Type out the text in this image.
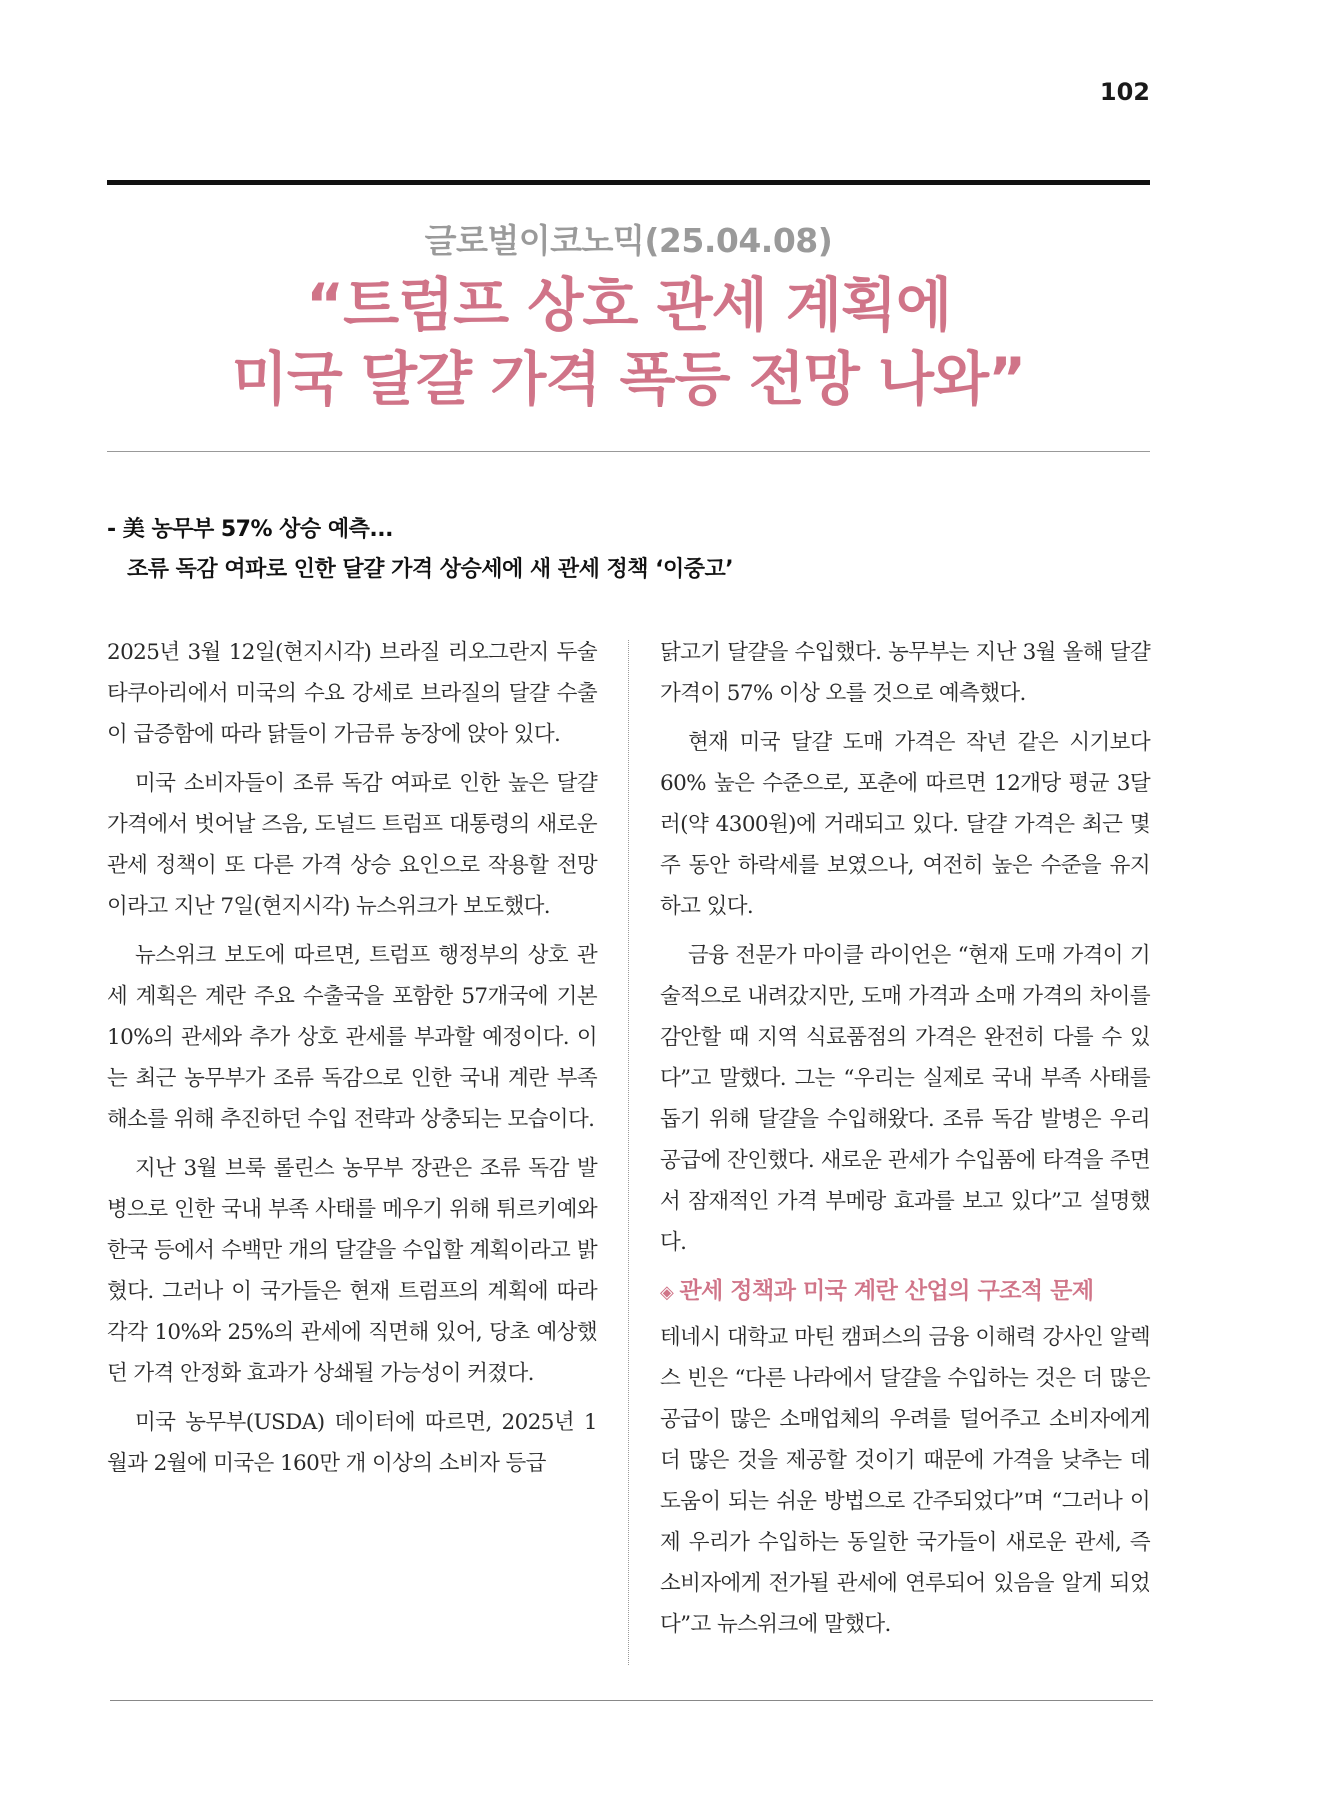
102
글로벌이코노믹(25.04.08)
“트럼프 상호 관세 계획에
미국 달걀 가격 폭등 전망 나와”
- 美 농무부 57% 상승 예측...
조류 독감 여파로 인한 달걀 가격 상승세에 새 관세 정책 ‘이중고’

2025년 3월 12일(현지시각) 브라질 리오그란지 두술 타쿠아리에서 미국의 수요 강세로 브라질의 달걀 수출이 급증함에 따라 닭들이 가금류 농장에 앉아 있다.

미국 소비자들이 조류 독감 여파로 인한 높은 달걀 가격에서 벗어날 즈음, 도널드 트럼프 대통령의 새로운 관세 정책이 또 다른 가격 상승 요인으로 작용할 전망이라고 지난 7일(현지시각) 뉴스위크가 보도했다.

뉴스위크 보도에 따르면, 트럼프 행정부의 상호 관세 계획은 계란 주요 수출국을 포함한 57개국에 기본 10%의 관세와 추가 상호 관세를 부과할 예정이다. 이는 최근 농무부가 조류 독감으로 인한 국내 계란 부족 해소를 위해 추진하던 수입 전략과 상충되는 모습이다.

지난 3월 브룩 롤린스 농무부 장관은 조류 독감 발병으로 인한 국내 부족 사태를 메우기 위해 튀르키예와 한국 등에서 수백만 개의 달걀을 수입할 계획이라고 밝혔다. 그러나 이 국가들은 현재 트럼프의 계획에 따라 각각 10%와 25%의 관세에 직면해 있어, 당초 예상했던 가격 안정화 효과가 상쇄될 가능성이 커졌다.

미국 농무부(USDA) 데이터에 따르면, 2025년 1월과 2월에 미국은 160만 개 이상의 소비자 등급

닭고기 달걀을 수입했다. 농무부는 지난 3월 올해 달걀 가격이 57% 이상 오를 것으로 예측했다.

현재 미국 달걀 도매 가격은 작년 같은 시기보다 60% 높은 수준으로, 포춘에 따르면 12개당 평균 3달러(약 4300원)에 거래되고 있다. 달걀 가격은 최근 몇 주 동안 하락세를 보였으나, 여전히 높은 수준을 유지하고 있다.

금융 전문가 마이클 라이언은 “현재 도매 가격이 기술적으로 내려갔지만, 도매 가격과 소매 가격의 차이를 감안할 때 지역 식료품점의 가격은 완전히 다를 수 있다”고 말했다. 그는 “우리는 실제로 국내 부족 사태를 돕기 위해 달걀을 수입해왔다. 조류 독감 발병은 우리 공급에 잔인했다. 새로운 관세가 수입품에 타격을 주면서 잠재적인 가격 부메랑 효과를 보고 있다”고 설명했다.

◈ 관세 정책과 미국 계란 산업의 구조적 문제

테네시 대학교 마틴 캠퍼스의 금융 이해력 강사인 알렉스 빈은 “다른 나라에서 달걀을 수입하는 것은 더 많은 공급이 많은 소매업체의 우려를 덜어주고 소비자에게 더 많은 것을 제공할 것이기 때문에 가격을 낮추는 데 도움이 되는 쉬운 방법으로 간주되었다”며 “그러나 이제 우리가 수입하는 동일한 국가들이 새로운 관세, 즉 소비자에게 전가될 관세에 연루되어 있음을 알게 되었다”고 뉴스위크에 말했다.
